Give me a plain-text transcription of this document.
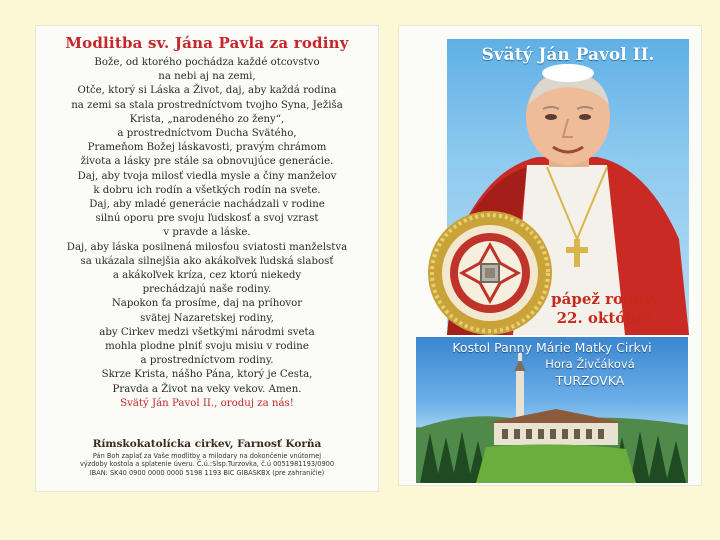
Modlitba sv. Jána Pavla za rodiny
Bože, od ktorého pochádza každé otcovstvo
na nebi aj na zemi,
Otče, ktorý si Láska a Život, daj, aby každá rodina
na zemi sa stala prostredníctvom tvojho Syna, Ježiša
Krista, „narodeného zo ženy“,
a prostredníctvom Ducha Svätého,
Prameňom Božej láskavosti, pravým chrámom
života a lásky pre stále sa obnovujúce generácie.
Daj, aby tvoja milosť viedla mysle a činy manželov
k dobru ich rodín a všetkých rodín na svete.
Daj, aby mladé generácie nachádzali v rodine
silnú oporu pre svoju ľudskosť a svoj vzrast
v pravde a láske.
Daj, aby láska posilnená milosťou sviatosti manželstva
sa ukázala silnejšia ako akákoľvek ľudská slabosť
a akákoľvek kríza, cez ktorú niekedy
prechádzajú naše rodiny.
Napokon ťa prosíme, daj na príhovor
svätej Nazaretskej rodiny,
aby Cirkev medzi všetkými národmi sveta
mohla plodne plniť svoju misiu v rodine
a prostredníctvom rodiny.
Skrze Krista, nášho Pána, ktorý je Cesta,
Pravda a Život na veky vekov. Amen.
Svätý Ján Pavol II., oroduj za nás!
Rímskokatolícka cirkev, Farnosť Korňa
Pán Boh zaplať za Vaše modlitby a milodary na dokončenie vnútornej
výzdoby kostola a splatenie úveru. Č.ú.:Slsp.Turzovka, č.ú 0051981193/0900
IBAN: SK40 0900 0000 0000 5198 1193 BIC GIBASKBX (pre zahraničie)
Svätý Ján Pavol II.
pápež rodiny
22. októbra
Kostol Panny Márie Matky Cirkvi
Hora Živčáková
TURZOVKA
